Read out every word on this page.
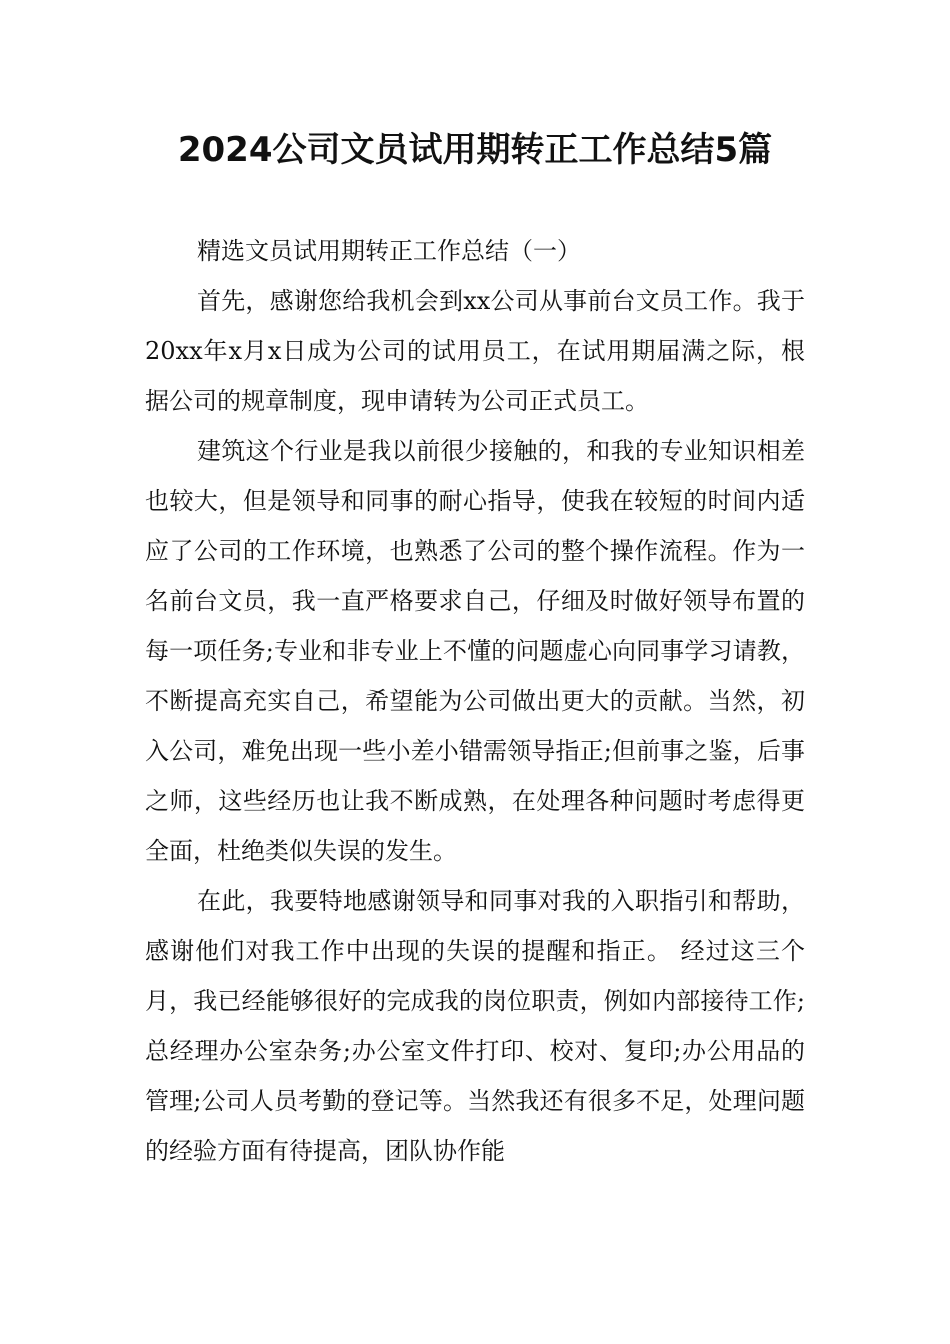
2024公司文员试用期转正工作总结5篇

精选文员试用期转正工作总结（一）

首先，感谢您给我机会到xx公司从事前台文员工作。我于20xx年x月x日成为公司的试用员工，在试用期届满之际，根据公司的规章制度，现申请转为公司正式员工。

建筑这个行业是我以前很少接触的，和我的专业知识相差也较大，但是领导和同事的耐心指导，使我在较短的时间内适应了公司的工作环境，也熟悉了公司的整个操作流程。作为一名前台文员，我一直严格要求自己，仔细及时做好领导布置的每一项任务;专业和非专业上不懂的问题虚心向同事学习请教，不断提高充实自己，希望能为公司做出更大的贡献。当然，初入公司，难免出现一些小差小错需领导指正;但前事之鉴，后事之师，这些经历也让我不断成熟，在处理各种问题时考虑得更全面，杜绝类似失误的发生。

在此，我要特地感谢领导和同事对我的入职指引和帮助，感谢他们对我工作中出现的失误的提醒和指正。 经过这三个月，我已经能够很好的完成我的岗位职责，例如内部接待工作;总经理办公室杂务;办公室文件打印、校对、复印;办公用品的管理;公司人员考勤的登记等。当然我还有很多不足，处理问题的经验方面有待提高，团队协作能
